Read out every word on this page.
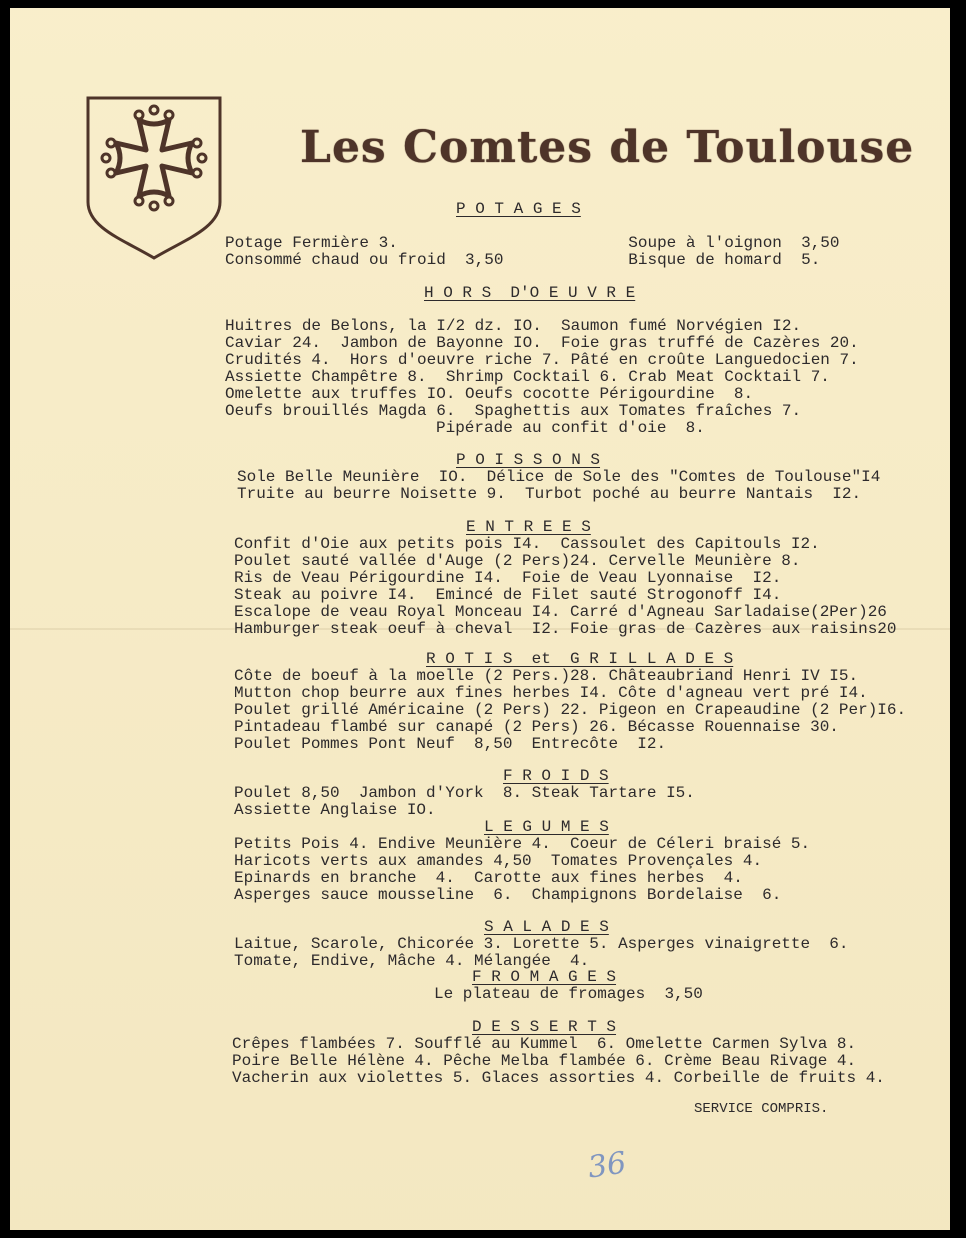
Les Comtes de Toulouse
P O T A G E S
Potage Fermière 3.                        Soupe à l'oignon  3,50
Consommé chaud ou froid  3,50             Bisque de homard  5.
H O R S  D'O E U V R E
Huitres de Belons, la I/2 dz. IO.  Saumon fumé Norvégien I2.
Caviar 24.  Jambon de Bayonne IO.  Foie gras truffé de Cazères 20.
Crudités 4.  Hors d'oeuvre riche 7. Pâté en croûte Languedocien 7.
Assiette Champêtre 8.  Shrimp Cocktail 6. Crab Meat Cocktail 7.
Omelette aux truffes IO. Oeufs cocotte Périgourdine  8.
Oeufs brouillés Magda 6.  Spaghettis aux Tomates fraîches 7.
Pipérade au confit d'oie  8.
P O I S S O N S
Sole Belle Meunière  IO.  Délice de Sole des "Comtes de Toulouse"I4
Truite au beurre Noisette 9.  Turbot poché au beurre Nantais  I2.
E N T R E E S
Confit d'Oie aux petits pois I4.  Cassoulet des Capitouls I2.
Poulet sauté vallée d'Auge (2 Pers)24. Cervelle Meunière 8.
Ris de Veau Périgourdine I4.  Foie de Veau Lyonnaise  I2.
Steak au poivre I4.  Emincé de Filet sauté Strogonoff I4.
Escalope de veau Royal Monceau I4. Carré d'Agneau Sarladaise(2Per)26
Hamburger steak oeuf à cheval  I2. Foie gras de Cazères aux raisins20
R O T I S  et  G R I L L A D E S
Côte de boeuf à la moelle (2 Pers.)28. Châteaubriand Henri IV I5.
Mutton chop beurre aux fines herbes I4. Côte d'agneau vert pré I4.
Poulet grillé Américaine (2 Pers) 22. Pigeon en Crapeaudine (2 Per)I6.
Pintadeau flambé sur canapé (2 Pers) 26. Bécasse Rouennaise 30.
Poulet Pommes Pont Neuf  8,50  Entrecôte  I2.
F R O I D S
Poulet 8,50  Jambon d'York  8. Steak Tartare I5.
Assiette Anglaise IO.
L E G U M E S
Petits Pois 4. Endive Meunière 4.  Coeur de Céleri braisé 5.
Haricots verts aux amandes 4,50  Tomates Provençales 4.
Epinards en branche  4.  Carotte aux fines herbes  4.
Asperges sauce mousseline  6.  Champignons Bordelaise  6.
S A L A D E S
Laitue, Scarole, Chicorée 3. Lorette 5. Asperges vinaigrette  6.
Tomate, Endive, Mâche 4. Mélangée  4.
F R O M A G E S
Le plateau de fromages  3,50
D E S S E R T S
Crêpes flambées 7. Soufflé au Kummel  6. Omelette Carmen Sylva 8.
Poire Belle Hélène 4. Pêche Melba flambée 6. Crème Beau Rivage 4.
Vacherin aux violettes 5. Glaces assorties 4. Corbeille de fruits 4.
SERVICE COMPRIS.
36
